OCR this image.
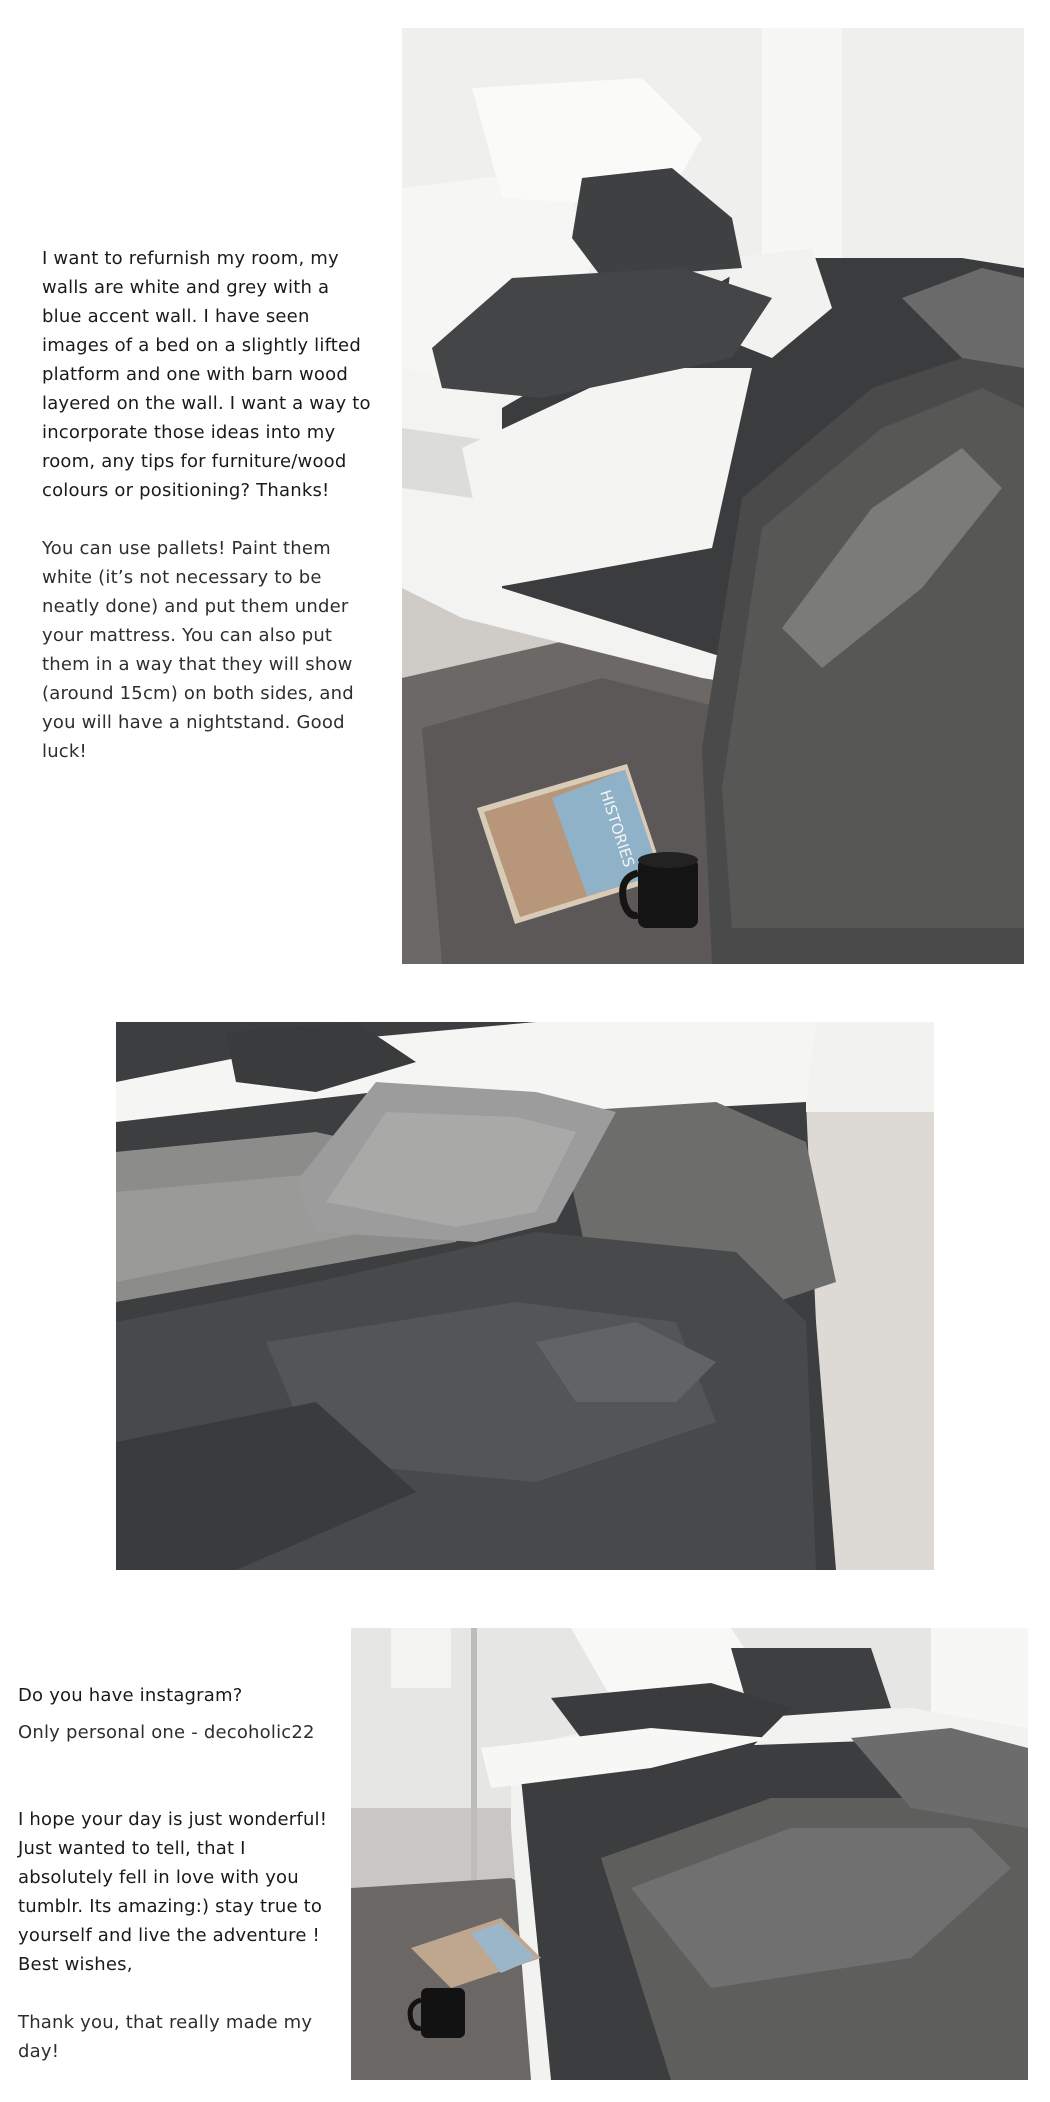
HISTORIES

I want to refurnish my room, my walls are white and grey with a blue accent wall. I have seen images of a bed on a slightly lifted platform and one with barn wood layered on the wall. I want a way to incorporate those ideas into my room, any tips for furniture/wood colours or positioning? Thanks!

You can use pallets! Paint them white (it’s not necessary to be neatly done) and put them under your mattress. You can also put them in a way that they will show (around 15cm) on both sides, and you will have a nightstand. Good luck!

Do you have instagram?

Only personal one - decoholic22

I hope your day is just wonderful! Just wanted to tell, that I absolutely fell in love with you tumblr. Its amazing:) stay true to yourself and live the adventure ! Best wishes,

Thank you, that really made my day!
